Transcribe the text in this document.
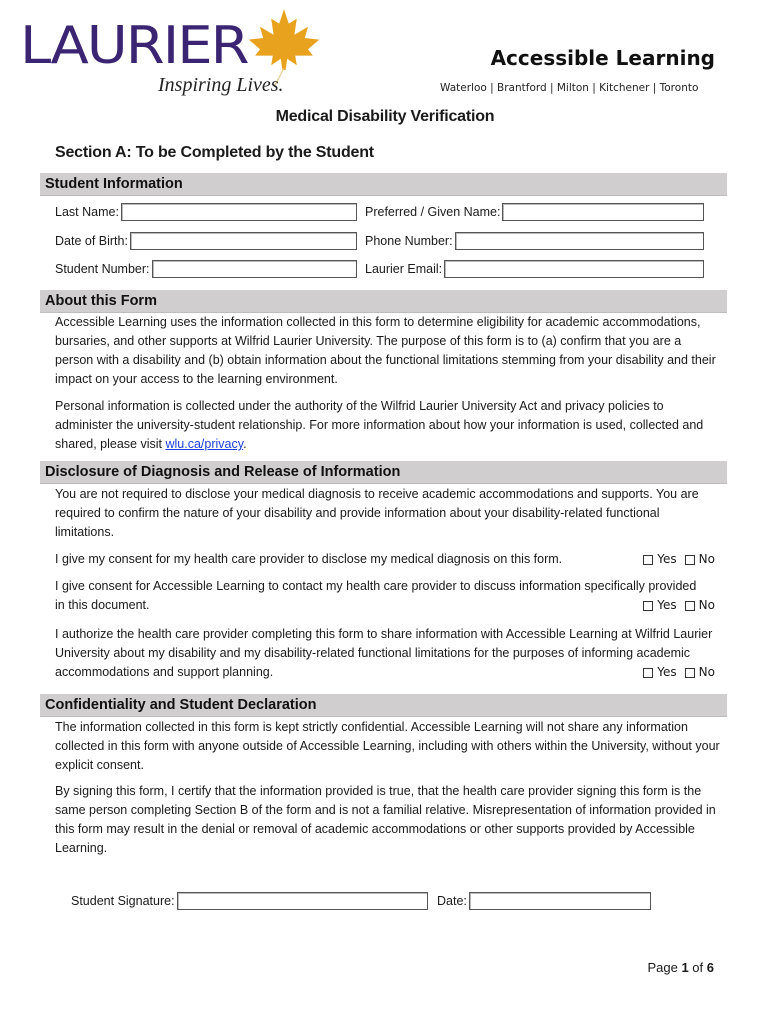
LAURIER
Inspiring Lives.
Accessible Learning
Waterloo | Brantford | Milton | Kitchener | Toronto
Medical Disability Verification
Section A: To be Completed by the Student
Student Information
Last Name:	Preferred / Given Name:
Date of Birth:	Phone Number:
Student Number:	Laurier Email:
About this Form
Accessible Learning uses the information collected in this form to determine eligibility for academic accommodations, bursaries, and other supports at Wilfrid Laurier University. The purpose of this form is to (a) confirm that you are a person with a disability and (b) obtain information about the functional limitations stemming from your disability and their impact on your access to the learning environment.
Personal information is collected under the authority of the Wilfrid Laurier University Act and privacy policies to administer the university-student relationship. For more information about how your information is used, collected and shared, please visit wlu.ca/privacy.
Disclosure of Diagnosis and Release of Information
You are not required to disclose your medical diagnosis to receive academic accommodations and supports. You are required to confirm the nature of your disability and provide information about your disability-related functional limitations.
I give my consent for my health care provider to disclose my medical diagnosis on this form.	Yes No
I give consent for Accessible Learning to contact my health care provider to discuss information specifically provided in this document.	Yes No
I authorize the health care provider completing this form to share information with Accessible Learning at Wilfrid Laurier University about my disability and my disability-related functional limitations for the purposes of informing academic accommodations and support planning.	Yes No
Confidentiality and Student Declaration
The information collected in this form is kept strictly confidential. Accessible Learning will not share any information collected in this form with anyone outside of Accessible Learning, including with others within the University, without your explicit consent.
By signing this form, I certify that the information provided is true, that the health care provider signing this form is the same person completing Section B of the form and is not a familial relative. Misrepresentation of information provided in this form may result in the denial or removal of academic accommodations or other supports provided by Accessible Learning.
Student Signature:	Date:
Page 1 of 6
